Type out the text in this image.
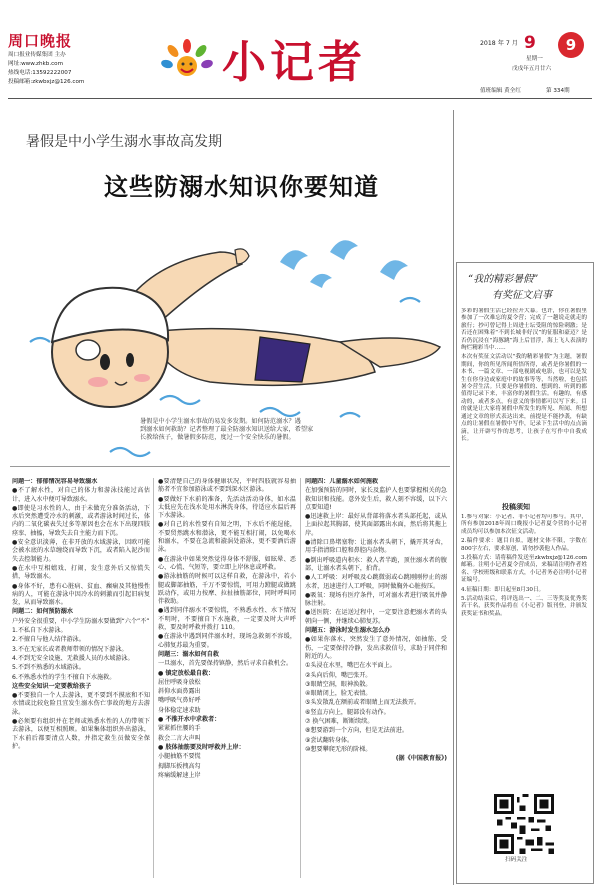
周口晚报
周口报业传媒集团 主办
网址:www.zhkb.com
热线电话:13592222007
投稿邮箱:zkwbxjz@126.com	小记者	2018 年 7 月 9	9
星期一
戊戌年五月廿六
值班编辑 黄全红	第 334期
暑假是中小学生溺水事故高发期
这些防溺水知识你要知道
暑假是中小学生溺水事故的易发多发期。如何防范溺水？遇
到溺水如何救助？记者整理了最全防溺水知识送给大家，希望家
长教给孩子，做暑假多防范，度过一个安全快乐的暑假。

问题一：郁郁情况容易导致溺水

●不了解水性，对自己的体力和游泳技能过高估计，进入水中便可导致溺水。

●即使是习水性的人，由于未做充分准备活动，下水后突然遭受冷水的刺激，或者游泳时间过长，体内的二氧化碳表失过多等原因也会在水下出现四肢痉挛、抽搐，导致失去自主能力而下沉。

●安全意识淡薄，在非开放的水域游泳，因欧可能会被水底的水草缠绕而导致下沉，或者陷入泥沙而失去控制能力。

●在水中互相嬉戏、打闹，发生意外后又惊慌失措，导致溺水。

●身体不好，患有心脏病、贫血、癫痫及其他慢性病的人，可能在游泳中因冷水的刺激而引起旧病复发，从而导致溺水。

问题二：如何预防溺水

户外安全很重要，中小学生防溺水要做到“六个”不”

1.不私自下水游泳。

2.不擅自与他人结伴游泳。

3.不在无家长或者教师带领的情况下游泳。

4.不到无安全设施、无救援人员的水域游泳。

5.不到不熟悉的水域游泳。

6.不熟悉水性的学生不擅自下水施救。

这些安全知识一定要教给孩子

●不要独自一个人去游泳，更不要到不摸底和不知水情或比较危险且宜发生溺水伤亡事故的地方去游泳。

●必须要有组织并在老师或熟悉水性的人的带领下去游泳，以便互相照顾。如果集体组织外出游泳，下水前后都要清点人数，并指定救生员做安全保护。

●要清楚自己的身体健康状况，平时四肢就容易抽筋者不宜参加游泳或不要到深水区游泳。

●要做好下水前的准备，先活动活动身体，如水温太低应先在浅水处用水淋洗身体，待适应水温后再下水游泳。

●对自己的水性要有自知之明，下水后不能逞能，不要贸然跳水和潜泳，更不能互相打闹，以免喝水和溺水，不要在急流和漩涡处游泳，更不要酒后游泳。

●在游泳中如果突然觉得身体不舒服，如眩晕、恶心、心慌、气短等，要立即上岸休息或呼救。

●游泳抽筋的时候可以这样自救，在游泳中，若小腿或脚部抽筋，千万不要惊慌，可用力蹬腿或做跳跃动作，或用力按摩、拉扯抽筋部位，同时呼叫同伴救助。

●遇到同伴溺水不要惊慌，不熟悉水性、水下情况不明时，不要擅自下水施救，一定要及时大声呼救，要及时呼救并拨打 110。

●在游泳中遇到同伴溺水时，现场急救刻不容缓，心肺复苏最为重要。

问题三：溺水如何自救

一旦溺水，首先要保持镇静，然后寻求自救机会。

● 镇定放松最自救：

屈住呼吸身放松

斜仰水面鼻露出

嘴呼吸气鼻好呼

身体稳定速求助

● 不推开水中求救者：

紧紧抓住腰的手

救会二言大声叫

● 肢体抽筋要及时呼救并上岸：

小腿抽筋不要慌

拇脚压扳拽高勾

疼痛缓解速上岸

问题四：儿童溺水如何施救

在加强预防的同时，家长及监护人也要掌握相关的急救知识和技能。意外发生后，救人刻不容缓，以下六点要知道!

●迅速救上岸：最好从背部将落水者头部托起，或从上面拉起其胸部，使其面部露出水面，然后将其拖上岸。

●清除口鼻堵塞物：让溺水者头朝下，撬开其牙齿，用手指清除口腔和鼻腔内杂物。

●倒出呼吸道内积水：救人者半跪，顶住溺水者的腹部，让溺水者头朝下，拍背。

●人工呼吸：对呼吸及心跳微弱或心跳刚刚停止的溺水者，迅速进行人工呼吸，同时做胸外心脏按压。

●吸氧：现场有医疗条件，可对溺水者进行吸氧并静脉注射。

●送医院：在运送过程中，一定要注意把溺水者的头朝向一侧，并继续心肺复苏。

问题五：游泳时发生溺水怎么办

●如果你落水，突然发生了意外情况，如抽筋、受伤，一定要保持冷静，发出求救信号，求助于同伴和附近的人。

①头浸在水里，嘴巴在水平面上。

②头向后仰，嘴巴张开。

③眼睛空洞，眼神涣散。

④眼睛闭上，脸无表情。

⑤头发散乱在额前或者眼睛上而无法拨开。

⑥竖直方向上，腿部没有动作。

⑦ 换气困难，断断续续。

⑧想要游到一个方向，但是无法前进。

⑨尝试翻转身体。

⑩想要攀爬无形的阶梯。

(据《中国教育报》)

“我的精彩暑假”
有奖征文启事

多彩的暑假生活已经拉开大幕。也许，你在暑假里参加了一次难忘的夏令营；完成了一趟说走就走的旅行；抄可曾记得上周进士坛受阻的惊险刺激；是否还在困殊着“不到长城非好汉”的征服和豪迈？是否仍沉浸在“海豚跳”海上后冒浮，海上飞人表演的绚烂精彩当中……

本次有奖征文活动以“我的精彩暑假”为主题，暑假期间，你的所见所闻所悟所得，或者是你暑假的一本书、一篇文章、一部电视剧或电影，也可以是发生在你身边或家庭中的故事等等，当然啦，也包括暑令营生活。只要是你暑假的、想到的、听到的都值得记录下来，丰富你的暑假生活。有趣的，有感动的，或者多点，有意义的事情都可以写下来。目的就是让大家将暑假中所发生的所见、所闻、所想通过文章的形式表达出来，前提是不能抄袭，有缺点的让暑假在暑假中写作，记录下生活中的点点滴滴，让开辟写作的思考，让孩子在写作中自我成长。

投稿须知

1.参与对象：小记者、非小记者均可参与。其中，所有参加2018年周口晚报小记者夏令营的小记者成员均可以参加本次征文活动。

2.稿件要求：题目自拟，题材文体不限，字数在800字左右，要求原创，请勿抄袭他人作品。

3.投稿方式：请将稿件发送至zkwbxjz@126.com邮箱。注明小记者夏令营成员，来稿请注明作者姓名、学校班级和联系方式，小记者务必注明小记者证编号。

4.征稿日期：即日起至8月30日。

5.活动结束后，将评选出一、二、三等奖及优秀奖若干名，获奖作品将在《小记者》版刊登，并颁发获奖证书和奖品。

扫码关注
